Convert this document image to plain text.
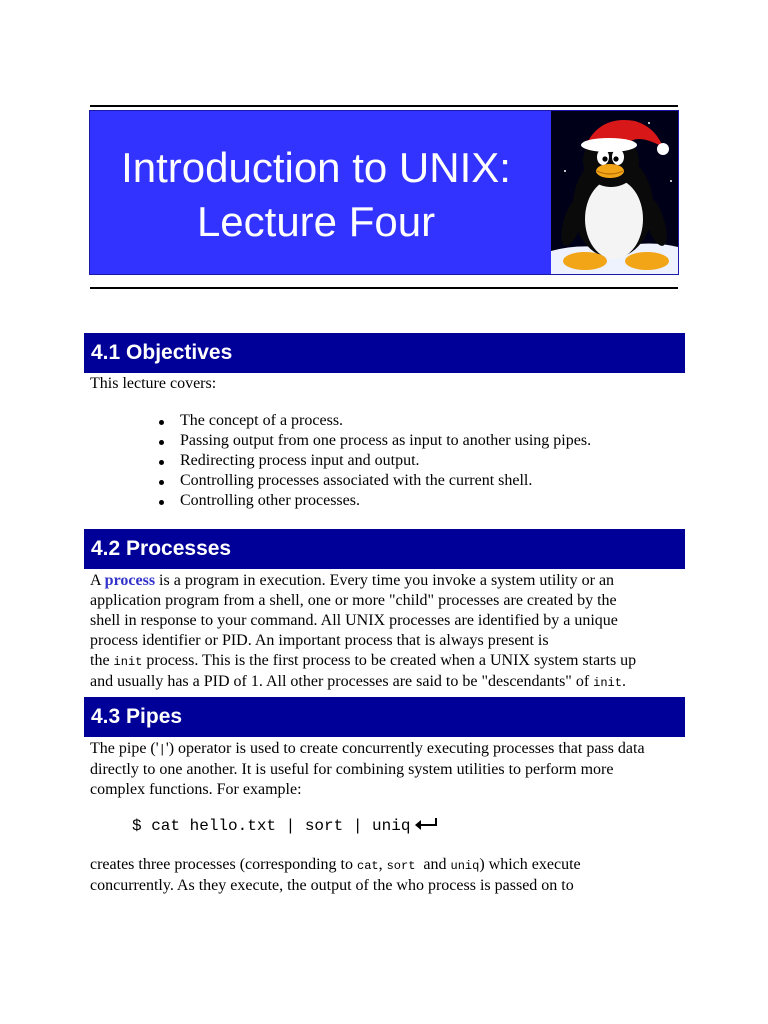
Introduction to UNIX:
Lecture Four
4.1 Objectives

This lecture covers:

The concept of a process.
Passing output from one process as input to another using pipes.
Redirecting process input and output.
Controlling processes associated with the current shell.
Controlling other processes.
4.2 Processes
A process is a program in execution. Every time you invoke a system utility or an
application program from a shell, one or more "child" processes are created by the
shell in response to your command. All UNIX processes are identified by a unique
process identifier or PID. An important process that is always present is
the init process. This is the first process to be created when a UNIX system starts up
and usually has a PID of 1. All other processes are said to be "descendants" of init.
4.3 Pipes
The pipe ('|') operator is used to create concurrently executing processes that pass data
directly to one another. It is useful for combining system utilities to perform more
complex functions. For example:
$ cat hello.txt | sort | uniq
creates three processes (corresponding to cat, sort  and uniq) which execute
concurrently. As they execute, the output of the who process is passed on to
